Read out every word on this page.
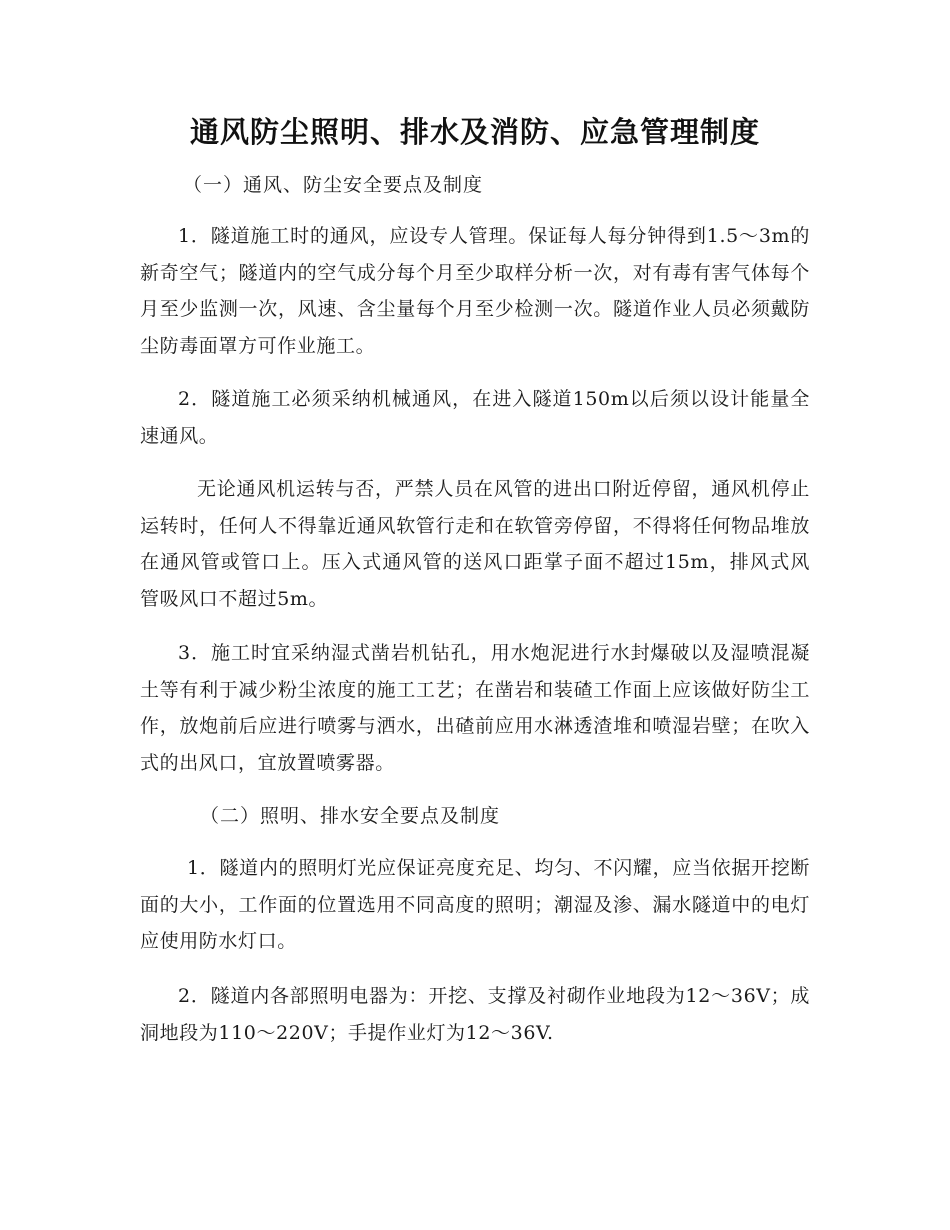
通风防尘照明、排水及消防、应急管理制度
（一）通风、防尘安全要点及制度
1．隧道施工时的通风，应设专人管理。保证每人每分钟得到1.5～3m的新奇空气；隧道内的空气成分每个月至少取样分析一次，对有毒有害气体每个月至少监测一次，风速、含尘量每个月至少检测一次。隧道作业人员必须戴防尘防毒面罩方可作业施工。
2．隧道施工必须采纳机械通风，在进入隧道150m以后须以设计能量全速通风。
无论通风机运转与否，严禁人员在风管的进出口附近停留，通风机停止运转时，任何人不得靠近通风软管行走和在软管旁停留，不得将任何物品堆放在通风管或管口上。压入式通风管的送风口距掌子面不超过15m，排风式风管吸风口不超过5m。
3．施工时宜采纳湿式凿岩机钻孔，用水炮泥进行水封爆破以及湿喷混凝土等有利于减少粉尘浓度的施工工艺；在凿岩和装碴工作面上应该做好防尘工作，放炮前后应进行喷雾与洒水，出碴前应用水淋透渣堆和喷湿岩壁；在吹入式的出风口，宜放置喷雾器。
（二）照明、排水安全要点及制度
1．隧道内的照明灯光应保证亮度充足、均匀、不闪耀，应当依据开挖断面的大小，工作面的位置选用不同高度的照明；潮湿及渗、漏水隧道中的电灯应使用防水灯口。
2．隧道内各部照明电器为：开挖、支撑及衬砌作业地段为12～36V；成洞地段为110～220V；手提作业灯为12～36V.
